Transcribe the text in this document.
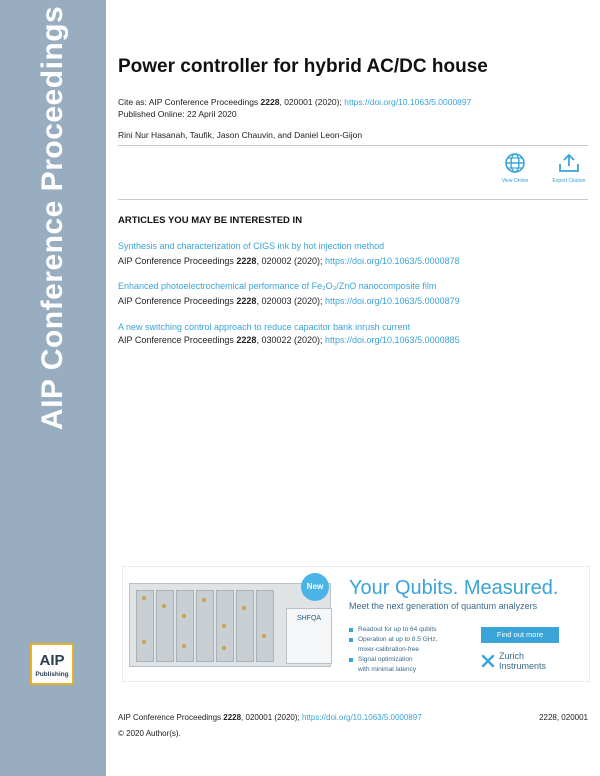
AIP Conference Proceedings
AIP
Publishing
Power controller for hybrid AC/DC house
Cite as: AIP Conference Proceedings 2228, 020001 (2020); https://doi.org/10.1063/5.0000897
Published Online: 22 April 2020
Rini Nur Hasanah, Taufik, Jason Chauvin, and Daniel Leon-Gijon
View Online	Export Citation
ARTICLES YOU MAY BE INTERESTED IN
Synthesis and characterization of CIGS ink by hot injection method
AIP Conference Proceedings 2228, 020002 (2020); https://doi.org/10.1063/5.0000878
Enhanced photoelectrochemical performance of Fe₂O₃/ZnO nanocomposite film
AIP Conference Proceedings 2228, 020003 (2020); https://doi.org/10.1063/5.0000879
A new switching control approach to reduce capacitor bank inrush current
AIP Conference Proceedings 2228, 030022 (2020); https://doi.org/10.1063/5.0000885
SHFQA
New Your Qubits. Measured.
Meet the next generation of quantum analyzers
Readout for up to 64 qubits
Operation at up to 8.5 GHz,
mixer-calibration-free
Signal optimization
with minimal latency
Find out more
Zurich
Instruments
AIP Conference Proceedings 2228, 020001 (2020); https://doi.org/10.1063/5.0000897	2228, 020001
© 2020 Author(s).
